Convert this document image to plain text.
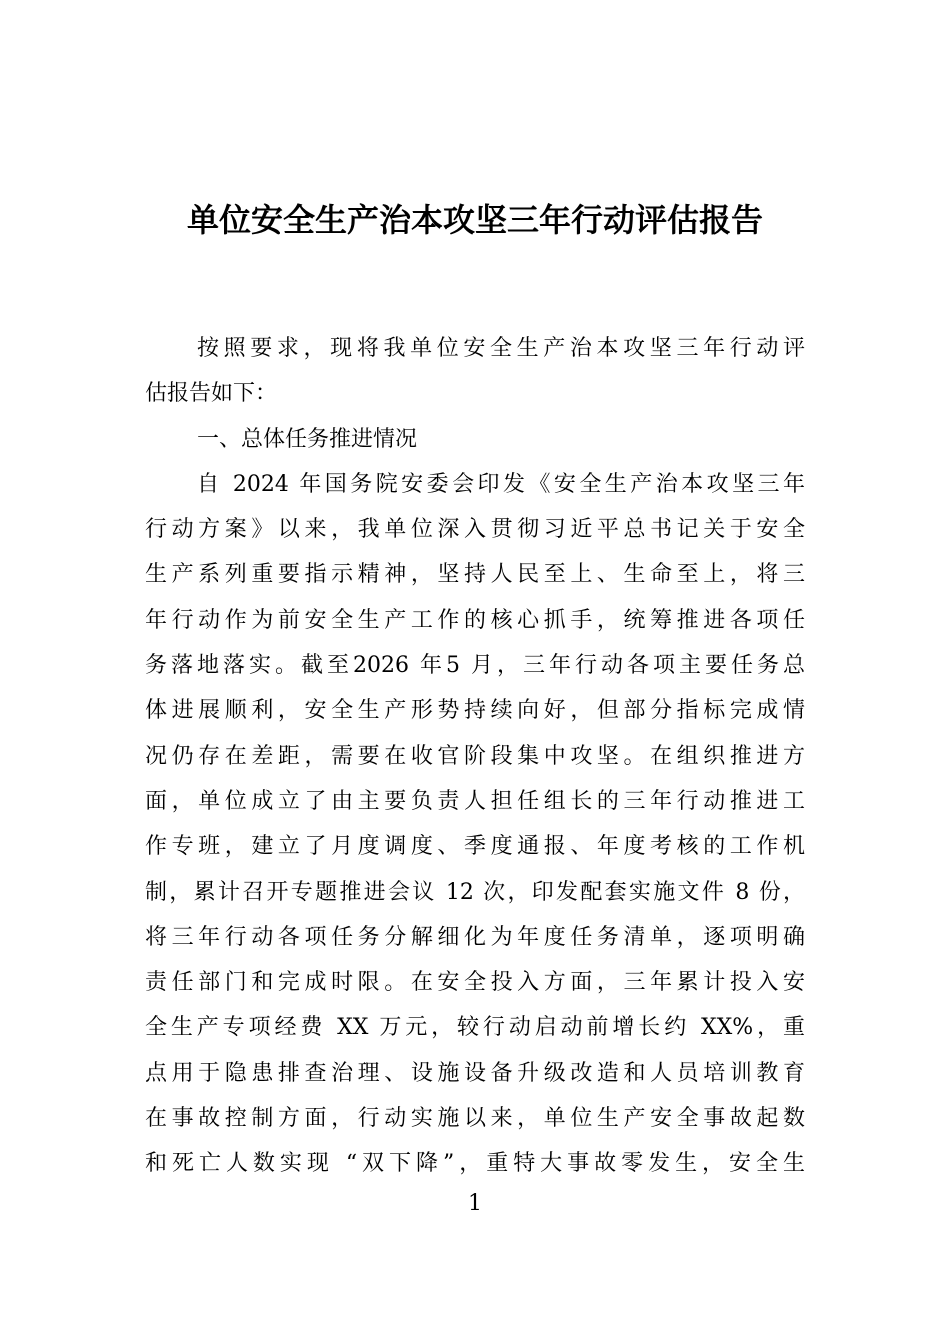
单位安全生产治本攻坚三年行动评估报告
按照要求，现将我单位安全生产治本攻坚三年行动评
估报告如下：
一、总体任务推进情况
自 2024 年国务院安委会印发《安全生产治本攻坚三年
行动方案》以来，我单位深入贯彻习近平总书记关于安全
生产系列重要指示精神，坚持人民至上、生命至上，将三
年行动作为前安全生产工作的核心抓手，统筹推进各项任
务落地落实。截至2026 年5 月，三年行动各项主要任务总
体进展顺利，安全生产形势持续向好，但部分指标完成情
况仍存在差距，需要在收官阶段集中攻坚。在组织推进方
面，单位成立了由主要负责人担任组长的三年行动推进工
作专班，建立了月度调度、季度通报、年度考核的工作机
制，累计召开专题推进会议 12 次，印发配套实施文件 8 份，
将三年行动各项任务分解细化为年度任务清单，逐项明确
责任部门和完成时限。在安全投入方面，三年累计投入安
全生产专项经费 XX 万元，较行动启动前增长约 XX%，重
点用于隐患排查治理、设施设备升级改造和人员培训教育
在事故控制方面，行动实施以来，单位生产安全事故起数
和死亡人数实现 “双下降”，重特大事故零发生，安全生
1
